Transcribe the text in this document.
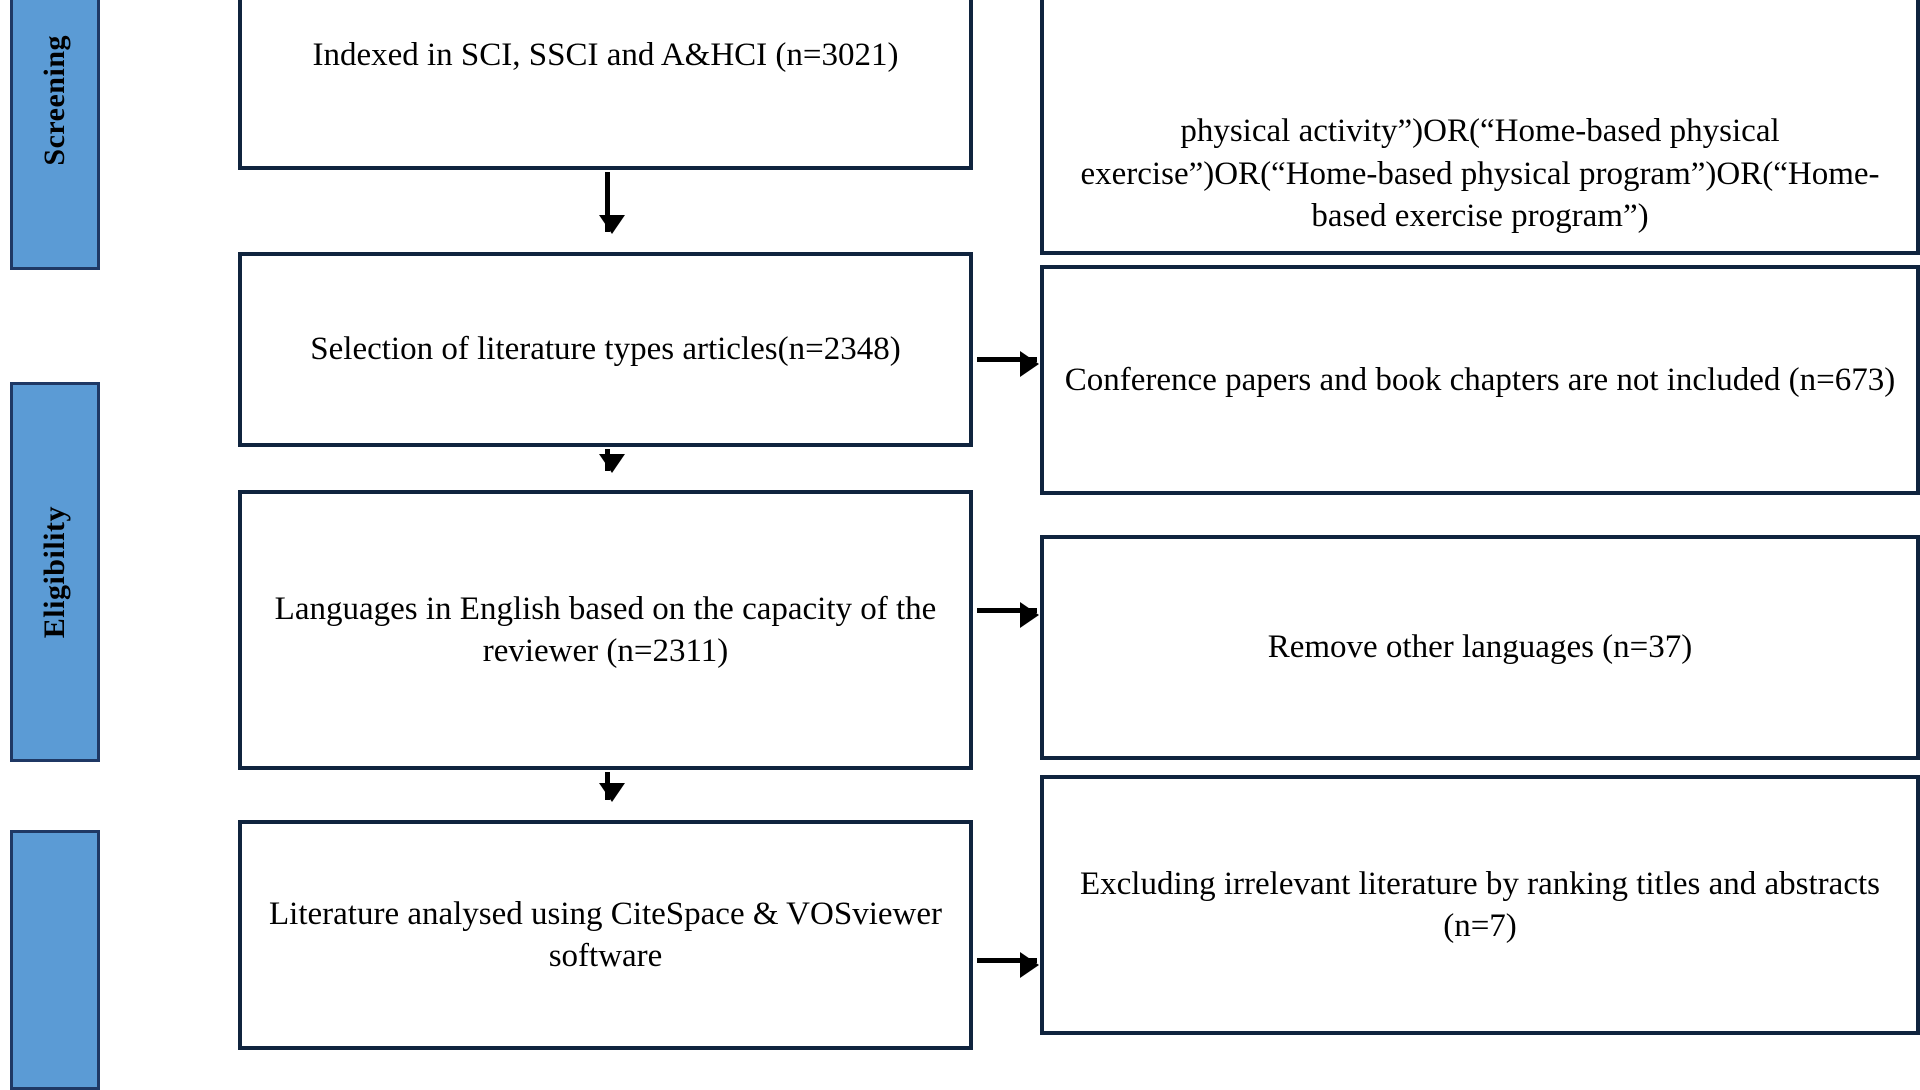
Screening
Eligibility
Indexed in SCI, SSCI and A&HCI (n=3021)
Selection of literature types articles(n=2348)
Languages in English based on the capacity of the reviewer (n=2311)
Literature analysed using CiteSpace & VOSviewer software
physical activity”)OR(“Home-based physical exercise”)OR(“Home-based physical program”)OR(“Home-based exercise program”)
Conference papers and book chapters are not included (n=673)
Remove other languages (n=37)
Excluding irrelevant literature by ranking titles and abstracts (n=7)
